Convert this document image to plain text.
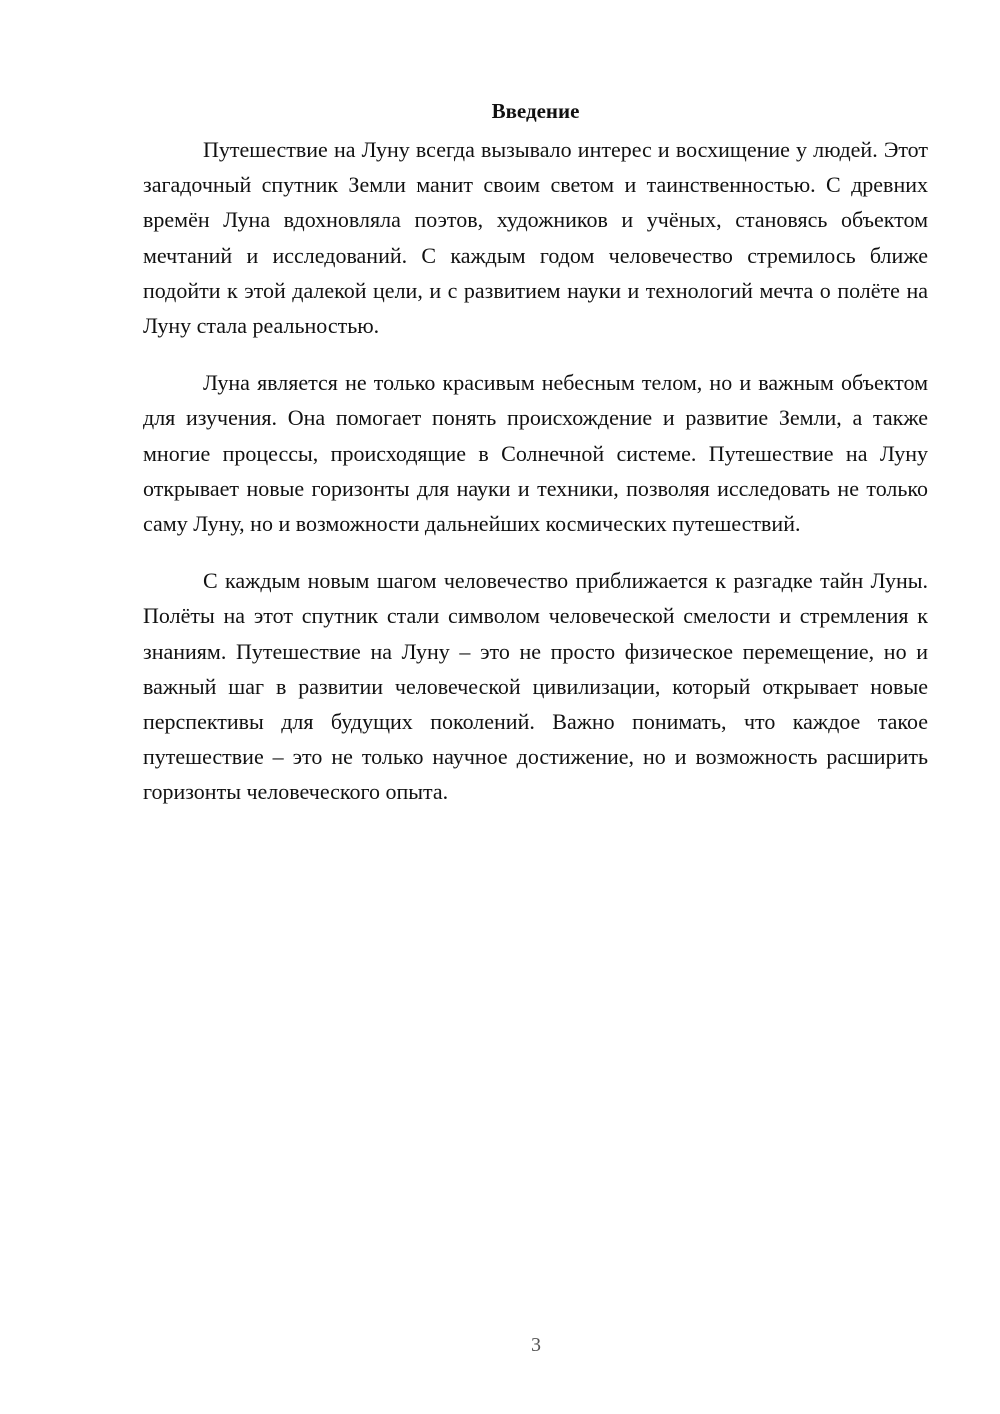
Введение

Путешествие на Луну всегда вызывало интерес и восхищение у людей. Этот загадочный спутник Земли манит своим светом и таинственностью. С древних времён Луна вдохновляла поэтов, художников и учёных, становясь объектом мечтаний и исследований. С каждым годом человечество стремилось ближе подойти к этой далекой цели, и с развитием науки и технологий мечта о полёте на Луну стала реальностью.

Луна является не только красивым небесным телом, но и важным объектом для изучения. Она помогает понять происхождение и развитие Земли, а также многие процессы, происходящие в Солнечной системе. Путешествие на Луну открывает новые горизонты для науки и техники, позволяя исследовать не только саму Луну, но и возможности дальнейших космических путешествий.

С каждым новым шагом человечество приближается к разгадке тайн Луны. Полёты на этот спутник стали символом человеческой смелости и стремления к знаниям. Путешествие на Луну – это не просто физическое перемещение, но и важный шаг в развитии человеческой цивилизации, который открывает новые перспективы для будущих поколений. Важно понимать, что каждое такое путешествие – это не только научное достижение, но и возможность расширить горизонты человеческого опыта.

3
